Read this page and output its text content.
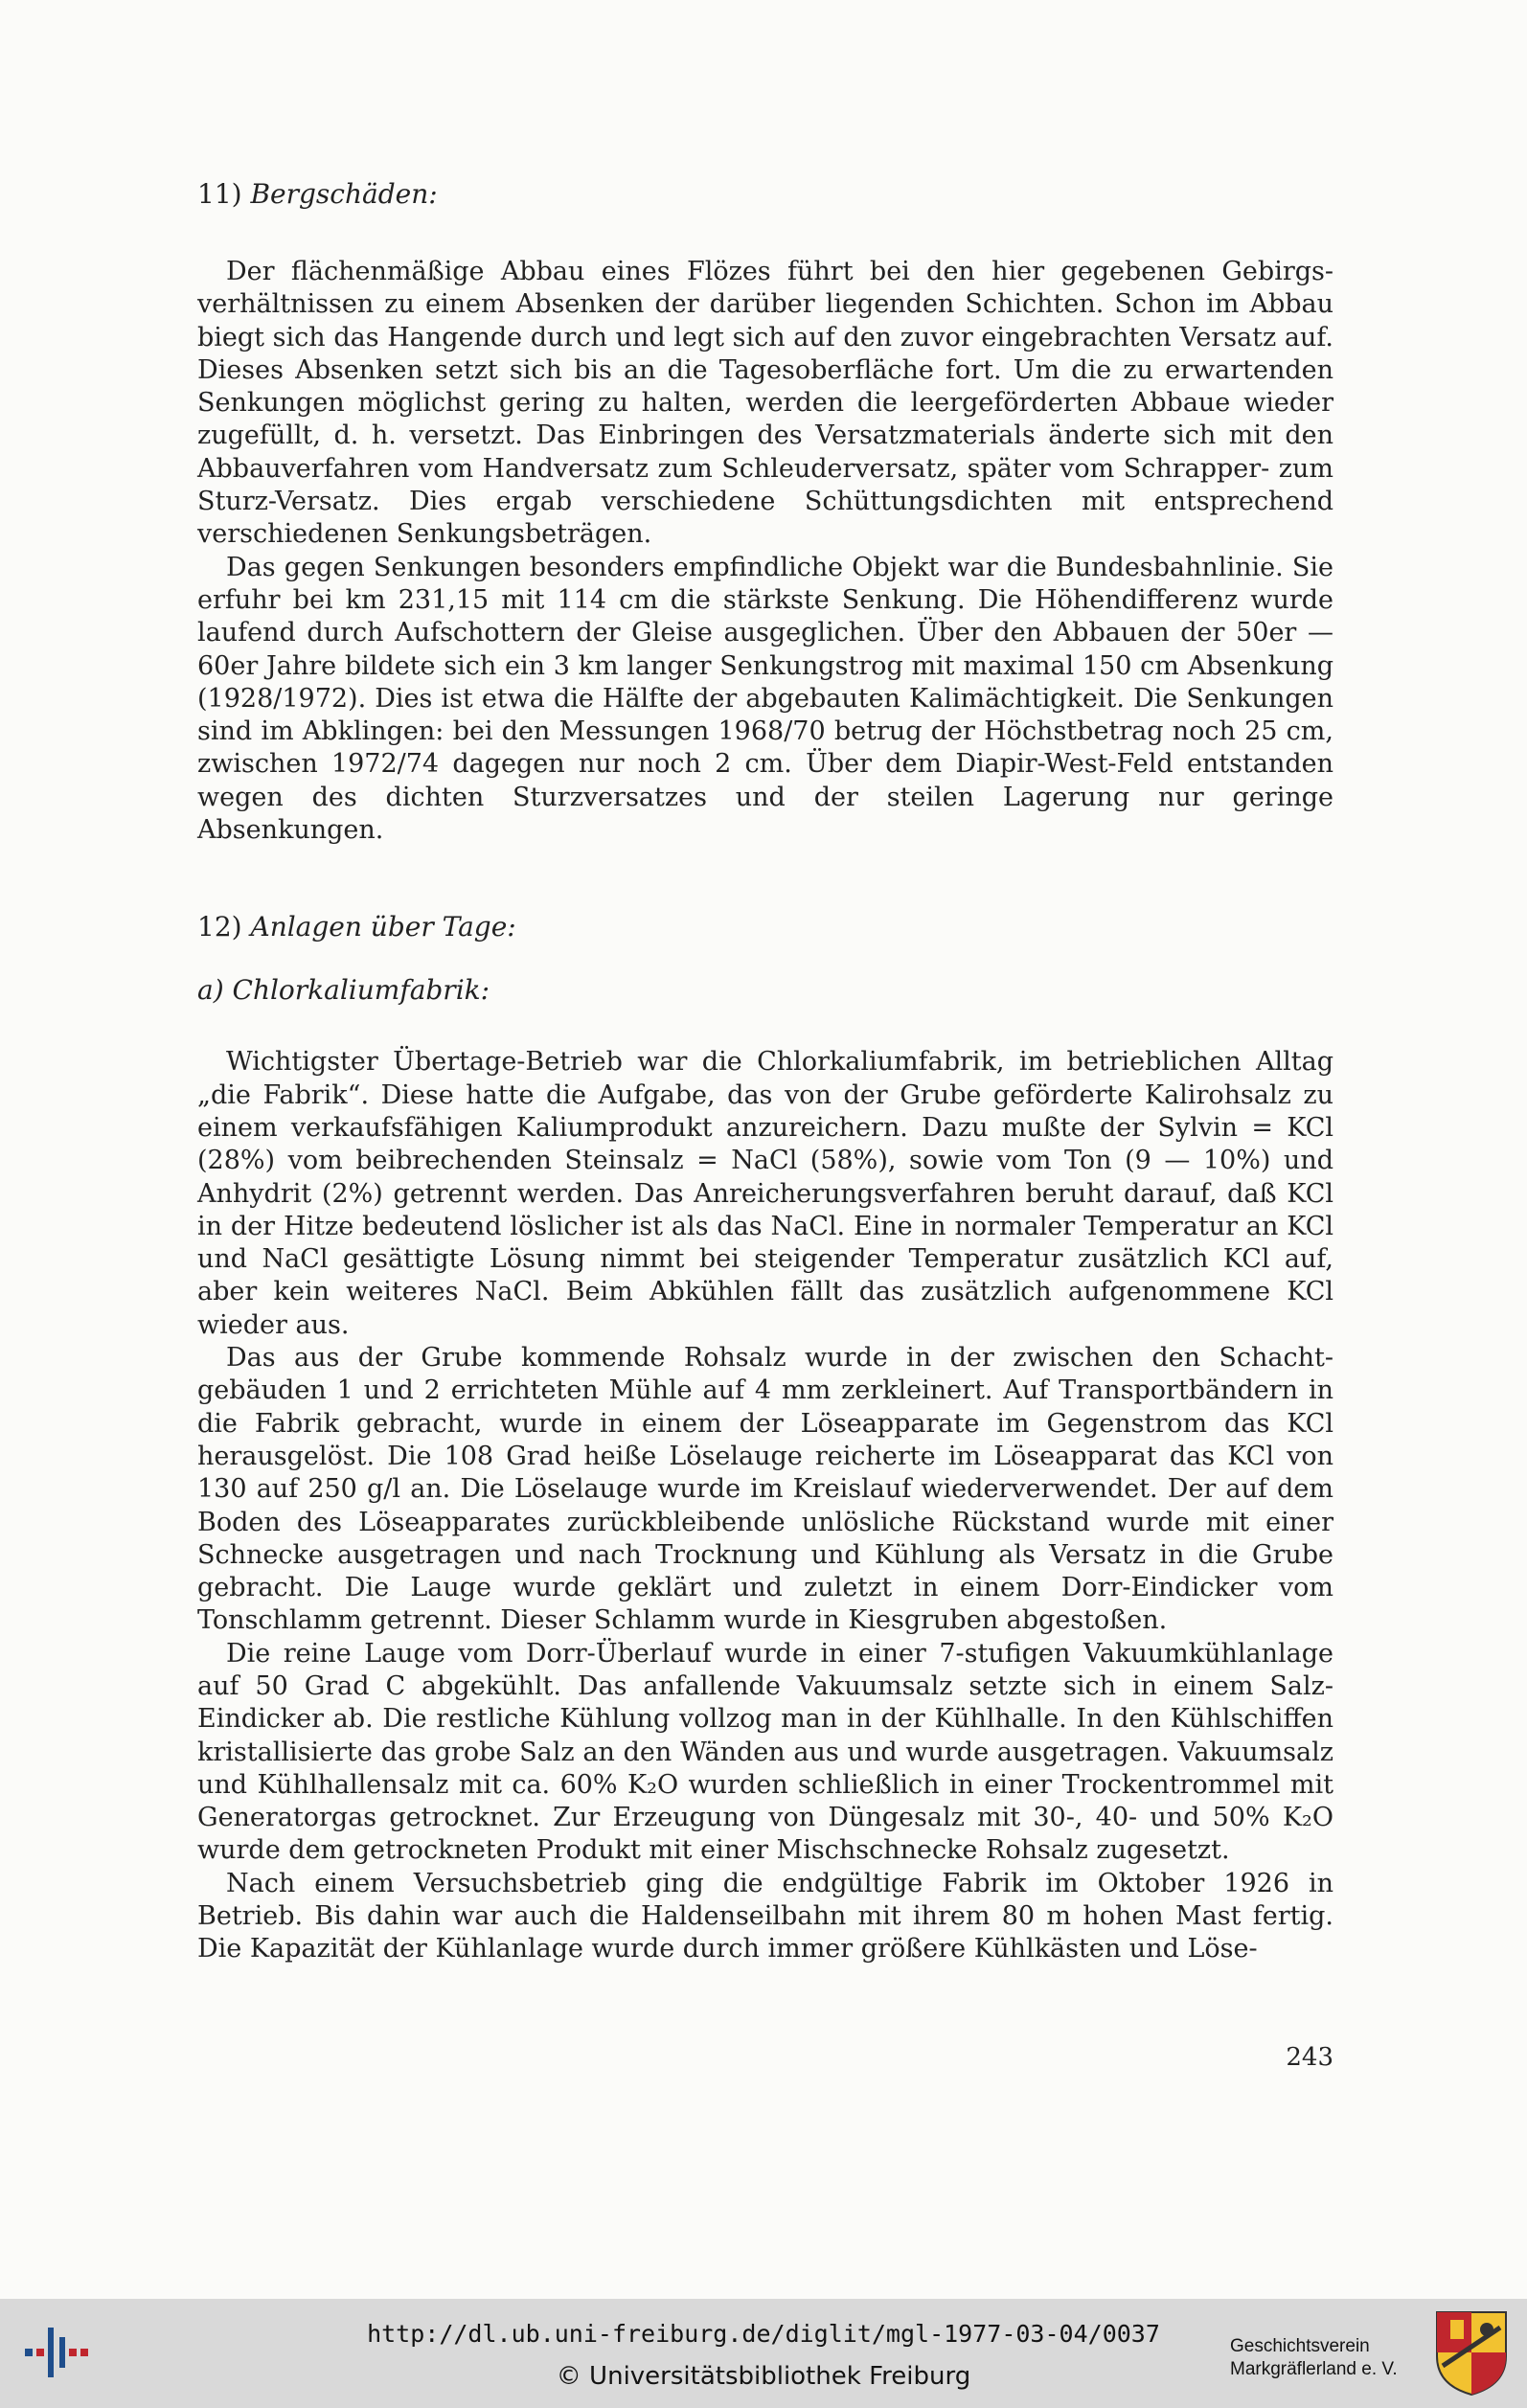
11) Bergschäden:

Der flächenmäßige Abbau eines Flözes führt bei den hier gegebenen Gebirgsverhältnissen zu einem Absenken der darüber liegenden Schichten. Schon im Abbau biegt sich das Hangende durch und legt sich auf den zuvor eingebrachten Versatz auf. Dieses Absenken setzt sich bis an die Tagesoberfläche fort. Um die zu erwartenden Senkungen möglichst gering zu halten, werden die leergeförderten Abbaue wieder zugefüllt, d. h. versetzt. Das Einbringen des Versatzmaterials änderte sich mit den Abbauverfahren vom Handversatz zum Schleuderversatz, später vom Schrapper- zum Sturz-Versatz. Dies ergab verschiedene Schüttungsdichten mit entsprechend verschiedenen Senkungsbeträgen.

Das gegen Senkungen besonders empfindliche Objekt war die Bundesbahnlinie. Sie erfuhr bei km 231,15 mit 114 cm die stärkste Senkung. Die Höhendifferenz wurde laufend durch Aufschottern der Gleise ausgeglichen. Über den Abbauen der 50er — 60er Jahre bildete sich ein 3 km langer Senkungstrog mit maximal 150 cm Absenkung (1928/1972). Dies ist etwa die Hälfte der abgebauten Kalimächtigkeit. Die Senkungen sind im Abklingen: bei den Messungen 1968/70 betrug der Höchstbetrag noch 25 cm, zwischen 1972/74 dagegen nur noch 2 cm. Über dem Diapir-West-Feld entstanden wegen des dichten Sturzversatzes und der steilen Lagerung nur geringe Absenkungen.

12) Anlagen über Tage:

a) Chlorkaliumfabrik:

Wichtigster Übertage-Betrieb war die Chlorkaliumfabrik, im betrieblichen Alltag „die Fabrik“. Diese hatte die Aufgabe, das von der Grube geförderte Kalirohsalz zu einem verkaufsfähigen Kaliumprodukt anzureichern. Dazu mußte der Sylvin = KCl (28%) vom beibrechenden Steinsalz = NaCl (58%), sowie vom Ton (9 — 10%) und Anhydrit (2%) getrennt werden. Das Anreicherungsverfahren beruht darauf, daß KCl in der Hitze bedeutend löslicher ist als das NaCl. Eine in normaler Temperatur an KCl und NaCl gesättigte Lösung nimmt bei steigender Temperatur zusätzlich KCl auf, aber kein weiteres NaCl. Beim Abkühlen fällt das zusätzlich aufgenommene KCl wieder aus.

Das aus der Grube kommende Rohsalz wurde in der zwischen den Schachtgebäuden 1 und 2 errichteten Mühle auf 4 mm zerkleinert. Auf Transportbändern in die Fabrik gebracht, wurde in einem der Löseapparate im Gegenstrom das KCl herausgelöst. Die 108 Grad heiße Löselauge reicherte im Löseapparat das KCl von 130 auf 250 g/l an. Die Löselauge wurde im Kreislauf wiederverwendet. Der auf dem Boden des Löseapparates zurückbleibende unlösliche Rückstand wurde mit einer Schnecke ausgetragen und nach Trocknung und Kühlung als Versatz in die Grube gebracht. Die Lauge wurde geklärt und zuletzt in einem Dorr-Eindicker vom Tonschlamm getrennt. Dieser Schlamm wurde in Kiesgruben abgestoßen.

Die reine Lauge vom Dorr-Überlauf wurde in einer 7-stufigen Vakuumkühlanlage auf 50 Grad C abgekühlt. Das anfallende Vakuumsalz setzte sich in einem Salz-Eindicker ab. Die restliche Kühlung vollzog man in der Kühlhalle. In den Kühlschiffen kristallisierte das grobe Salz an den Wänden aus und wurde ausgetragen. Vakuumsalz und Kühlhallensalz mit ca. 60% K₂O wurden schließlich in einer Trockentrommel mit Generatorgas getrocknet. Zur Erzeugung von Düngesalz mit 30-, 40- und 50% K₂O wurde dem getrockneten Produkt mit einer Mischschnecke Rohsalz zugesetzt.

Nach einem Versuchsbetrieb ging die endgültige Fabrik im Oktober 1926 in Betrieb. Bis dahin war auch die Haldenseilbahn mit ihrem 80 m hohen Mast fertig. Die Kapazität der Kühlanlage wurde durch immer größere Kühlkästen und Löse-

243
http://dl.ub.uni-freiburg.de/diglit/mgl-1977-03-04/0037
© Universitätsbibliothek Freiburg
Geschichtsverein
Markgräflerland e. V.
